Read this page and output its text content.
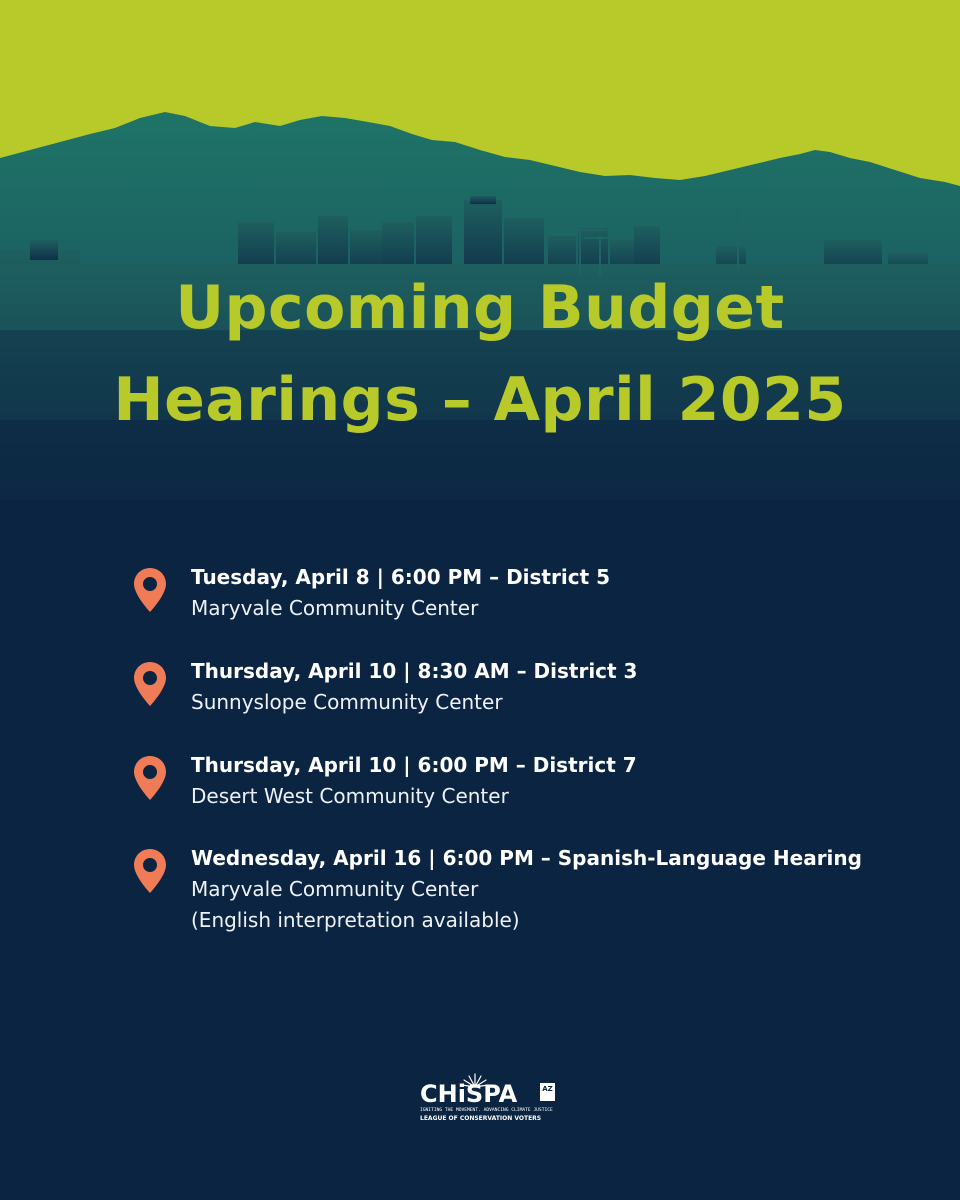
Upcoming Budget
Hearings – April 2025
Tuesday, April 8 | 6:00 PM – District 5
Maryvale Community Center
Thursday, April 10 | 8:30 AM – District 3
Sunnyslope Community Center
Thursday, April 10 | 6:00 PM – District 7
Desert West Community Center
Wednesday, April 16 | 6:00 PM – Spanish-Language Hearing
Maryvale Community Center
(English interpretation available)
CHiSPA	AZ
IGNITING THE MOVEMENT. ADVANCING CLIMATE JUSTICE
LEAGUE OF CONSERVATION VOTERS
